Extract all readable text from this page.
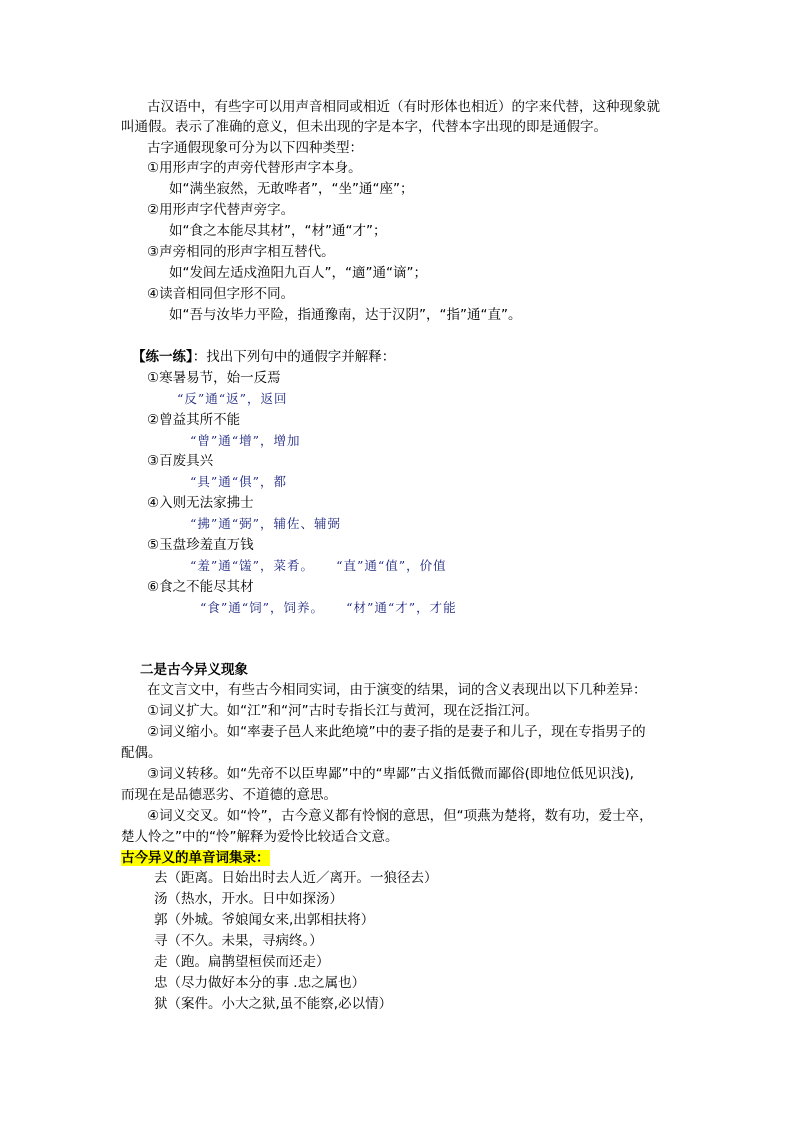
古汉语中，有些字可以用声音相同或相近（有时形体也相近）的字来代替，这种现象就
叫通假。表示了准确的意义，但未出现的字是本字，代替本字出现的即是通假字。
古字通假现象可分为以下四种类型：
①用形声字的声旁代替形声字本身。
如“满坐寂然，无敢哗者”，“坐”通“座”；
②用形声字代替声旁字。
如“食之本能尽其材”，“材”通“才”；
③声旁相同的形声字相互替代。
如“发闾左适戍渔阳九百人”，“適”通“谪”；
④读音相同但字形不同。
如“吾与汝毕力平险，指通豫南，达于汉阴”，“指”通“直”。
【练一练】：找出下列句中的通假字并解释：
①寒暑易节，始一反焉
“反”通“返”，返回
②曾益其所不能
“曾”通“增”，增加
③百废具兴
“具”通“俱”，都
④入则无法家拂士
“拂”通“弼”，辅佐、辅弼
⑤玉盘珍羞直万钱
“羞”通“馐”，菜肴。 “直”通“值”，价值
⑥食之不能尽其材
“食”通“饲”，饲养。 “材”通“才”，才能
二是古今异义现象
在文言文中，有些古今相同实词，由于演变的结果，词的含义表现出以下几种差异：
①词义扩大。如“江”和“河”古时专指长江与黄河，现在泛指江河。
②词义缩小。如“率妻子邑人来此绝境”中的妻子指的是妻子和儿子，现在专指男子的
配偶。
③词义转移。如“先帝不以臣卑鄙”中的“卑鄙”古义指低微而鄙俗(即地位低见识浅),
而现在是品德恶劣、不道德的意思。
④词义交叉。如“怜”，古今意义都有怜悯的意思，但“项燕为楚将，数有功，爱士卒，
楚人怜之”中的“怜”解释为爱怜比较适合文意。
古今异义的单音词集录：
去（距离。日始出时去人近／离开。一狼径去）
汤（热水，开水。日中如探汤）
郭（外城。爷娘闻女来,出郭相扶将）
寻（不久。未果，寻病终。）
走（跑。扁鹊望桓侯而还走）
忠（尽力做好本分的事 .忠之属也）
狱（案件。小大之狱,虽不能察,必以情）
